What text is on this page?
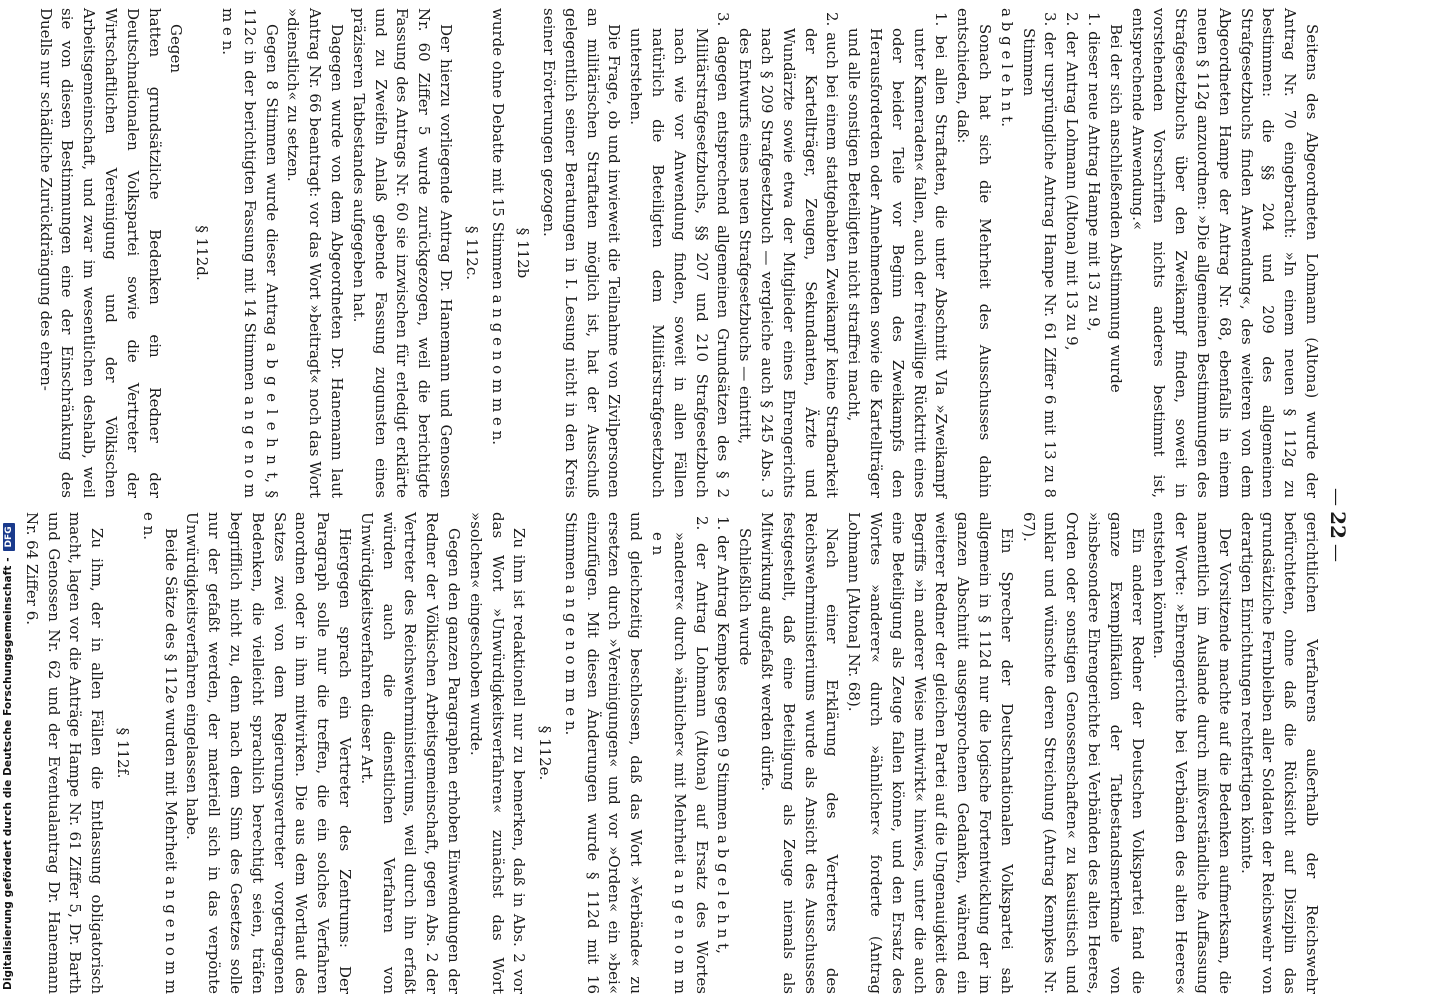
Seitens des Abgeordneten Lohmann (Altona) wurde der Antrag Nr. 70 eingebracht: »In einem neuen § 112g zu bestimmen: die §§ 204 und 209 des allgemeinen Strafgesetzbuchs finden Anwendung«, des weiteren von dem Abgeordneten Hampe der Antrag Nr. 68, ebenfalls in einem neuen § 112g anzuordnen: »Die allgemeinen Bestimmungen des Strafgesetzbuchs über den Zweikampf finden, soweit in vorstehenden Vorschriften nichts anderes bestimmt ist, entsprechende Anwendung.«

Bei der sich anschließenden Abstimmung wurde

1. dieser neue Antrag Hampe mit 13 zu 9,

2. der Antrag Lohmann (Altona) mit 13 zu 9,

3. der ursprüngliche Antrag Hampe Nr. 61 Ziffer 6 mit 13 zu 8 Stimmen

a b g e l e h n t.

Sonach hat sich die Mehrheit des Ausschusses dahin entschieden, daß:

1. bei allen Straftaten, die unter Abschnitt VIa »Zweikampf unter Kameraden« fallen, auch der freiwillige Rücktritt eines oder beider Teile vor Beginn des Zweikampfs den Herausforderden oder Annehmenden sowie die Kartellträger und alle sonstigen Beteiligten nicht straffrei macht,

2. auch bei einem stattgehabten Zweikampf keine Strafbarkeit der Kartellträger, Zeugen, Sekundanten, Ärzte und Wundärzte sowie etwa der Mitglieder eines Ehrengerichts nach § 209 Strafgesetzbuch — vergleiche auch § 245 Abs. 3 des Entwurfs eines neuen Strafgesetzbuchs — eintritt,

3. dagegen entsprechend allgemeinen Grundsätzen des § 2 Militärstrafgesetzbuchs, §§ 207 und 210 Strafgesetzbuch nach wie vor Anwendung finden, soweit in allen Fällen natürlich die Beteiligten dem Militärstrafgesetzbuch unterstehen.

Die Frage, ob und inwieweit die Teilnahme von Zivilpersonen an militärischen Straftaten möglich ist, hat der Ausschuß gelegentlich seiner Beratungen in I. Lesung nicht in den Kreis seiner Erörterungen gezogen.

§ 112b

wurde ohne Debatte mit 15 Stimmen a n g e n o m m e n.

§ 112c.

Der hierzu vorliegende Antrag Dr. Hanemann und Genossen Nr. 60 Ziffer 5 wurde zurückgezogen, weil die berichtigte Fassung des Antrags Nr. 60 sie inzwischen für erledigt erklärte und zu Zweifeln Anlaß gebende Fassung zugunsten eines präziseren Tatbestandes aufgegeben hat.

Dagegen wurde von dem Abgeordneten Dr. Hanemann laut Antrag Nr. 66 beantragt: vor das Wort »beitragt« noch das Wort »dienstlich« zu setzen.

Gegen 8 Stimmen wurde dieser Antrag a b g e l e h n t, § 112c in der berichtigten Fassung mit 14 Stimmen a n g e n o m m e n.

§ 112d.

Gegen

hatten grundsätzliche Bedenken ein Redner der Deutschnationalen Volkspartei sowie die Vertreter der Wirtschaftlichen Vereinigung und der Völkischen Arbeitsgemeinschaft, und zwar im wesentlichen deshalb, weil sie von diesen Bestimmungen eine der Einschränkung des Duells nur schädliche Zurückdrängung des ehren-

gerichtlichen Verfahrens außerhalb der Reichswehr befürchteten, ohne daß die Rücksicht auf Disziplin das grundsätzliche Fernbleiben aller Soldaten der Reichswehr von derartigen Einrichtungen rechtfertigen könnte.

Der Vorsitzende machte auf die Bedenken aufmerksam, die namentlich im Auslande durch mißverständliche Auffassung der Worte: »Ehrengerichte bei Verbänden des alten Heeres« entstehen könnten.

Ein anderer Redner der Deutschen Volkspartei fand die ganze Exemplifikation der Tatbestandsmerkmale von »insbesondere Ehrengerichte bei Verbänden des alten Heeres, Orden oder sonstigen Genossenschaften« zu kasuistisch und unklar und wünschte deren Streichung (Antrag Kempkes Nr. 67).

Ein Sprecher der Deutschnationalen Volkspartei sah allgemein in § 112d nur die logische Fortentwicklung der im ganzen Abschnitt ausgesprochenen Gedanken, während ein weiterer Redner der gleichen Partei auf die Ungenauigkeit des Begriffs »in anderer Weise mitwirkt« hinwies, unter die auch eine Beteiligung als Zeuge fallen könne, und den Ersatz des Wortes »anderer« durch »ähnlicher« forderte (Antrag Lohmann [Altona] Nr. 68).

Nach einer Erklärung des Vertreters des Reichswehrministeriums wurde als Ansicht des Ausschusses festgestellt, daß eine Beteiligung als Zeuge niemals als Mitwirkung aufgefaßt werden dürfe.

Schließlich wurde

1. der Antrag Kempkes gegen 9 Stimmen a b g e l e h n t,

2. der Antrag Lohmann (Altona) auf Ersatz des Wortes »anderer« durch »ähnlicher« mit Mehrheit a n g e n o m m e n

und gleichzeitig beschlossen, daß das Wort »Verbände« zu ersetzen durch »Vereinigungen« und vor »Orden« ein »bei« einzufügen. Mit diesen Änderungen wurde § 112d mit 16 Stimmen a n g e n o m m e n.

§ 112e.

Zu ihm ist redaktionell nur zu bemerken, daß in Abs. 2 vor das Wort »Unwürdigkeitsverfahren« zunächst das Wort »solchen« eingeschoben wurde.

Gegen den ganzen Paragraphen erhoben Einwendungen der Redner der Völkischen Arbeitsgemeinschaft, gegen Abs. 2 der Vertreter des Reichswehrministeriums, weil durch ihn erfaßt würden auch die dienstlichen Verfahren von Unwürdigkeitsverfahren dieser Art.

Hiergegen sprach ein Vertreter des Zentrums: Der Paragraph solle nur die treffen, die ein solches Verfahren anordnen oder in ihm mitwirken. Die aus dem Wortlaut des Satzes zwei von dem Regierungsvertreter vorgetragenen Bedenken, die vielleicht sprachlich berechtigt seien, träfen begrifflich nicht zu, denn nach dem Sinn des Gesetzes solle nur der gefaßt werden, der materiell sich in das verpönte Unwürdigkeitsverfahren eingelassen habe.

Beide Sätze des § 112e wurden mit Mehrheit a n g e n o m m e n.

§ 112f.

Zu ihm, der in allen Fällen die Entlassung obligatorisch macht, lagen vor die Anträge Hampe Nr. 61 Ziffer 5, Dr. Barth und Genossen Nr. 62 und der Eventualantrag Dr. Hanemann Nr. 64 Ziffer 6.

— 22 —
Digitalisierung gefördert durch die Deutsche Forschungsgemeinschaft - DFG
